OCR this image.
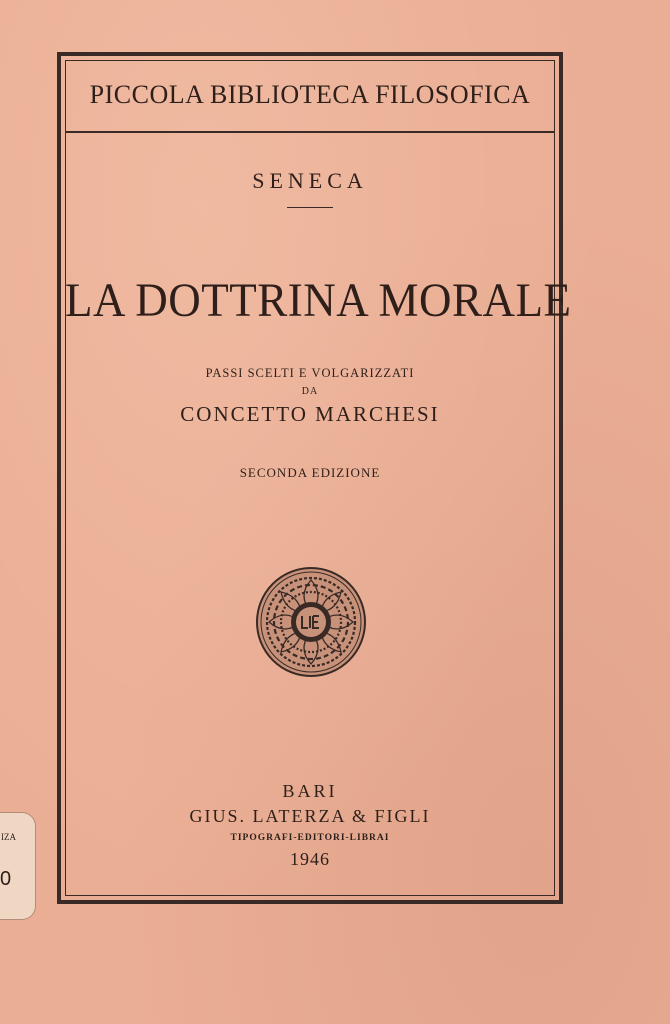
PICCOLA BIBLIOTECA FILOSOFICA
SENECA
LA DOTTRINA MORALE
PASSI SCELTI E VOLGARIZZATI
DA
CONCETTO MARCHESI
SECONDA EDIZIONE
BARI
GIUS. LATERZA & FIGLI
TIPOGRAFI-EDITORI-LIBRAI
1946
IZA
0
